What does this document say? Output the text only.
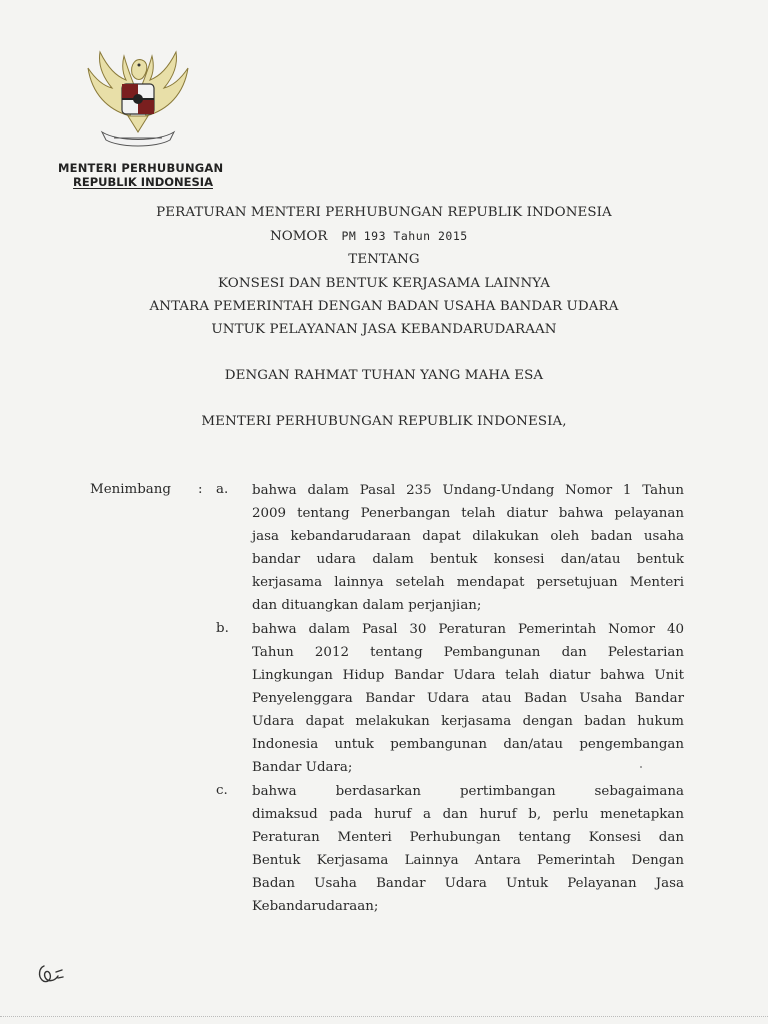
MENTERI PERHUBUNGAN
REPUBLIK INDONESIA
PERATURAN MENTERI PERHUBUNGAN REPUBLIK INDONESIA
NOMOR PM 193 Tahun 2015
TENTANG
KONSESI DAN BENTUK KERJASAMA LAINNYA
ANTARA PEMERINTAH DENGAN BADAN USAHA BANDAR UDARA
UNTUK PELAYANAN JASA KEBANDARUDARAAN
DENGAN RAHMAT TUHAN YANG MAHA ESA
MENTERI PERHUBUNGAN REPUBLIK INDONESIA,
Menimbang : a. bahwa dalam Pasal 235 Undang-Undang Nomor 1 Tahun
2009 tentang Penerbangan telah diatur bahwa pelayanan
jasa kebandarudaraan dapat dilakukan oleh badan usaha
bandar udara dalam bentuk konsesi dan/atau bentuk
kerjasama lainnya setelah mendapat persetujuan Menteri
dan dituangkan dalam perjanjian;
b. bahwa dalam Pasal 30 Peraturan Pemerintah Nomor 40
Tahun 2012 tentang Pembangunan dan Pelestarian
Lingkungan Hidup Bandar Udara telah diatur bahwa Unit
Penyelenggara Bandar Udara atau Badan Usaha Bandar
Udara dapat melakukan kerjasama dengan badan hukum
Indonesia untuk pembangunan dan/atau pengembangan
Bandar Udara;
c. bahwa berdasarkan pertimbangan sebagaimana
dimaksud pada huruf a dan huruf b, perlu menetapkan
Peraturan Menteri Perhubungan tentang Konsesi dan
Bentuk Kerjasama Lainnya Antara Pemerintah Dengan
Badan Usaha Bandar Udara Untuk Pelayanan Jasa
Kebandarudaraan;
